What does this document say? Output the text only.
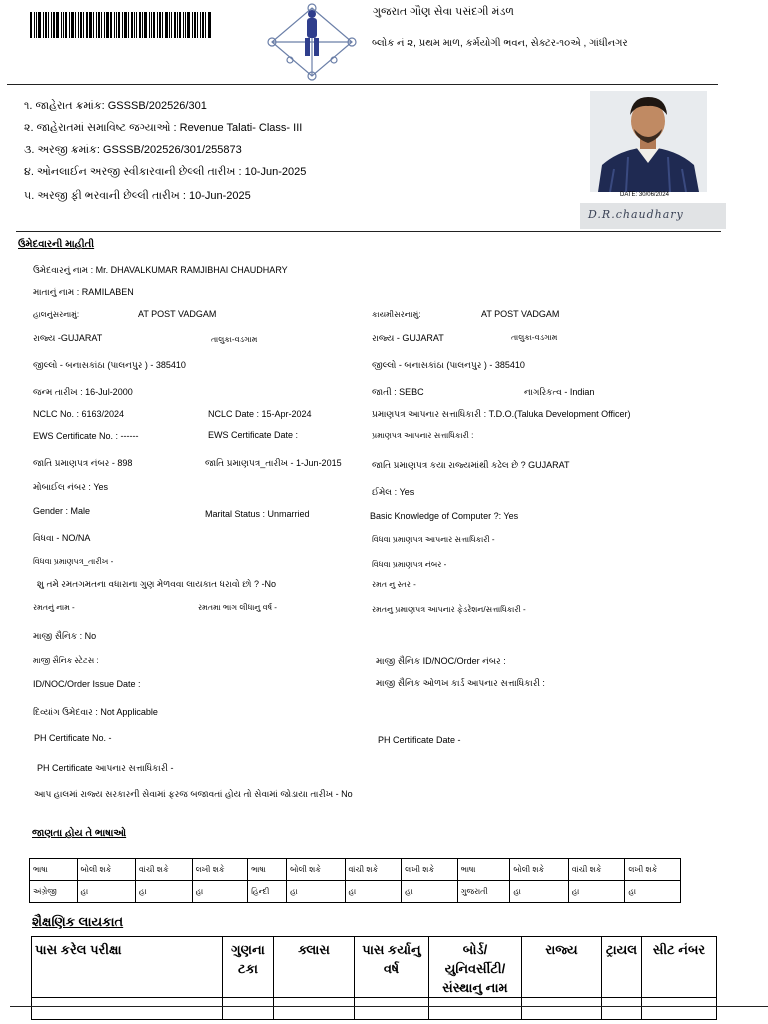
ગુજરાત ગૌણ સેવા પસંદગી મંડળ
બ્લોક નં ૨, પ્રથમ માળ, કર્મયોગી ભવન, સેક્ટર-૧૦એ , ગાંધીનગર
૧. જાહેરાત ક્રમાંક: GSSSB/202526/301
૨. જાહેરાતમાં સમાવિષ્ટ જગ્યાઓ : Revenue Talati- Class- III
૩. અરજી ક્રમાંક: GSSSB/202526/301/255873
૪. ઓનલાઈન અરજી સ્વીકારવાની છેલ્લી તારીખ : 10-Jun-2025
૫. અરજી ફી ભરવાની છેલ્લી તારીખ : 10-Jun-2025	DATE: 30/06/2024
D.R.chaudhary
ઉમેદવારની માહીતી
ઉમેદવારનું નામ : Mr. DHAVALKUMAR RAMJIBHAI CHAUDHARY
માતાનું નામ : RAMILABEN
હાલનુંસરનામું:	AT POST VADGAM	કાયમીસરનામું:	AT POST VADGAM
રાજ્ય -GUJARAT	તાલુકા-વડગામ	રાજ્ય - GUJARAT	તાલુકા-વડગામ
જીલ્લો - બનાસકાંઠા (પાલનપુર ) - 385410	જીલ્લો - બનાસકાંઠા (પાલનપુર ) - 385410
જન્મ તારીખ : 16-Jul-2000	જાતી : SEBC	નાગરિકત્વ - Indian
NCLC No. : 6163/2024	NCLC Date : 15-Apr-2024	પ્રમાણપત્ર આપનાર સત્તાધિકારી : T.D.O.(Taluka Development Officer)
EWS Certificate No. : ------	EWS Certificate Date :	પ્રમાણપત્ર આપનાર સત્તાધિકારી :
જાતિ પ્રમાણપત્ર નંબર - 898	જાતિ પ્રમાણપત્ર_તારીખ - 1-Jun-2015	જાતિ પ્રમાણપત્ર કયા રાજ્યમાંથી કઢેલ છે ? GUJARAT
મોબાઈલ નંબર : Yes	ઈમેલ : Yes
Gender : Male	Marital Status : Unmarried	Basic Knowledge of Computer ?: Yes
વિધવા - NO/NA	વિધવા પ્રમાણપત્ર આપનાર સત્તાધિકારી -
વિધવા પ્રમાણપત્ર_તારીખ -	વિધવા પ્રમાણપત્ર નંબર -
શુ તમે રમતગમતના વધારાના ગુણ મેળવવા લાયકાત ધરાવો છો ? -No	રમત નુ સ્તર -
રમતનું નામ -	રમતમા ભાગ લીધાનુ વર્ષ -	રમતનુ પ્રમાણપત્ર આપનાર ફેડરેશન/સત્તાધિકારી -
માજી સૈનિક : No
માજી સૈનિક સ્ટેટસ :	માજી સૈનિક ID/NOC/Order નંબર :
ID/NOC/Order Issue Date :	માજી સૈનિક ઓળખ કાર્ડ આપનાર સત્તાધિકારી :
દિવ્યાંગ ઉમેદવાર : Not Applicable
PH Certificate No. -	PH Certificate Date -
PH Certificate આપનાર સત્તાધિકારી -
આપ હાલમાં રાજ્ય સરકારની સેવામાં ફરજ બજાવતાં હોય તો સેવામાં જોડાયા તારીખ - No
જાણતા હોય તે ભાષાઓ
ભાષા	બોલી શકે	વાંચી શકે	લખી શકે	ભાષા	બોલી શકે	વાંચી શકે	લખી શકે	ભાષા	બોલી શકે	વાંચી શકે	લખી શકે
અંગ્રેજી	હા	હા	હા	હિન્દી	હા	હા	હા	ગુજરાતી	હા	હા	હા
શૈક્ષણિક લાયકાત
પાસ કરેલ પરીક્ષા	ગુણના ટકા	ક્લાસ	પાસ કર્યાનુ વર્ષ	બોર્ડ/ યુનિવર્સીટી/ સંસ્થાનુ નામ	રાજ્ય	ટ્રાયલ	સીટ નંબર
